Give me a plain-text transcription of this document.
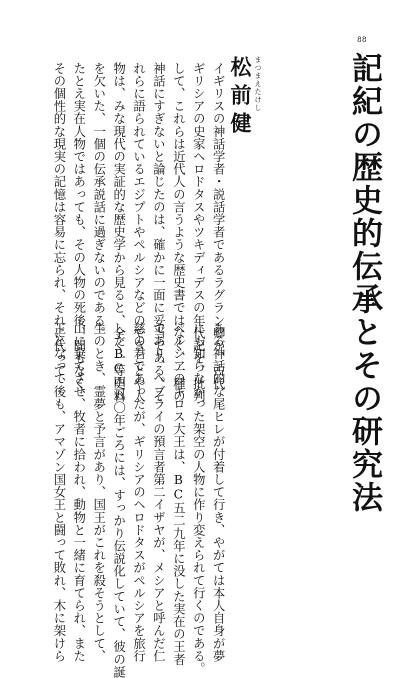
88
記紀の歴史的伝承とその研究法
まつまえたけし
松前健
イギリスの神話学者・説話学者であるラグラン卿が、古代
ギリシアの史家ヘロドタスやツキディデスの年代記を、批判
して、これらは近代人の言うような歴史書ではなく、一種の
神話にすぎないと論じたのは、確かに一面に妥当である。そ
れらに語られているエジプトやペルシアなどのできごとや人
物は、みな現代の実証的な歴史学から見ると、全く一等史料
を欠いた、一個の伝承説話に過ぎないのである。
たとえ実在人物ではあっても、その人物の死後、間もなく、
その個性的な現実の記憶は容易に忘られ、それに代って、
ある神話的な尾ヒレが付着して行き、やがては本人自身が夢
にも知らなかった架空の人物に作り変えられて行くのである。
ペルシアのキロス大王は、BC五二九年に没した実在の王者
であり、ヘブライの預言者第二イザヤが、メシアと呼んだ仁
慈の君であったが、ギリシアのヘロドタスがペルシアを旅行
したBC四五〇年ごろには、すっかり伝説化していて、彼の誕
生のとき、霊夢と予言があり、国王がこれを殺そうとして、
山に棄てさせ、牧者に拾われ、動物と一緒に育てられ、また
王となって後も、アマゾン国女王と闘って敗れ、木に架けら
